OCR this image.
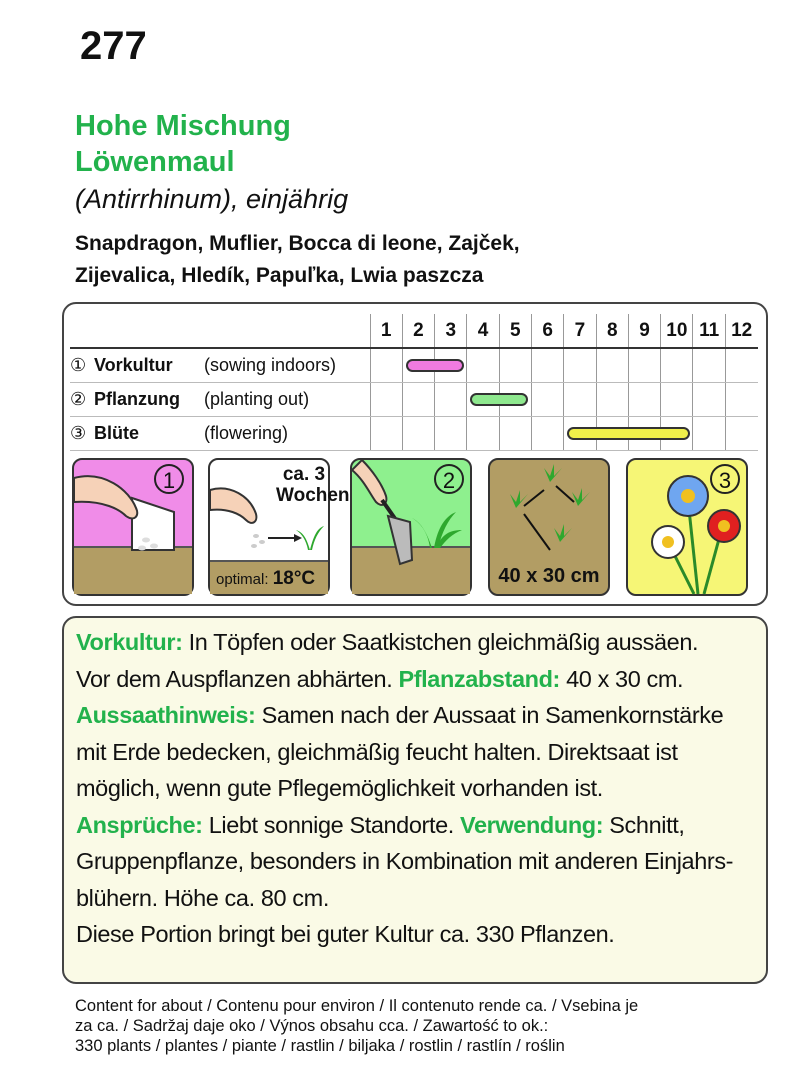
277
Hohe Mischung
Löwenmaul
(Antirrhinum), einjährig
Snapdragon, Muflier, Bocca di leone, Zajček,
Zijevalica, Hledík, Papuľka, Lwia paszcza
	1	2	3	4	5	6	7	8	9	10	11	12
① Vorkultur (sowing indoors)												
② Pflanzung (planting out)												
③ Blüte (flowering)												
1	ca. 3
Wochen
optimal: 18°C
2
40 x 30 cm
3

Vorkultur: In Töpfen oder Saatkistchen gleichmäßig aussäen.

Vor dem Auspflanzen abhärten. Pflanzabstand: 40 x 30 cm.

Aussaathinweis: Samen nach der Aussaat in Samenkornstärke

mit Erde bedecken, gleichmäßig feucht halten. Direktsaat ist

möglich, wenn gute Pflegemöglichkeit vorhanden ist.

Ansprüche: Liebt sonnige Standorte. Verwendung: Schnitt,

Gruppenpflanze, besonders in Kombination mit anderen Einjahrs-

blühern. Höhe ca. 80 cm.

Diese Portion bringt bei guter Kultur ca. 330 Pflanzen.

Content for about / Contenu pour environ / Il contenuto rende ca. / Vsebina je
za ca. / Sadržaj daje oko / Výnos obsahu cca. / Zawartość to ok.:
330 plants / plantes / piante / rastlin / biljaka / rostlin / rastlín / roślin
